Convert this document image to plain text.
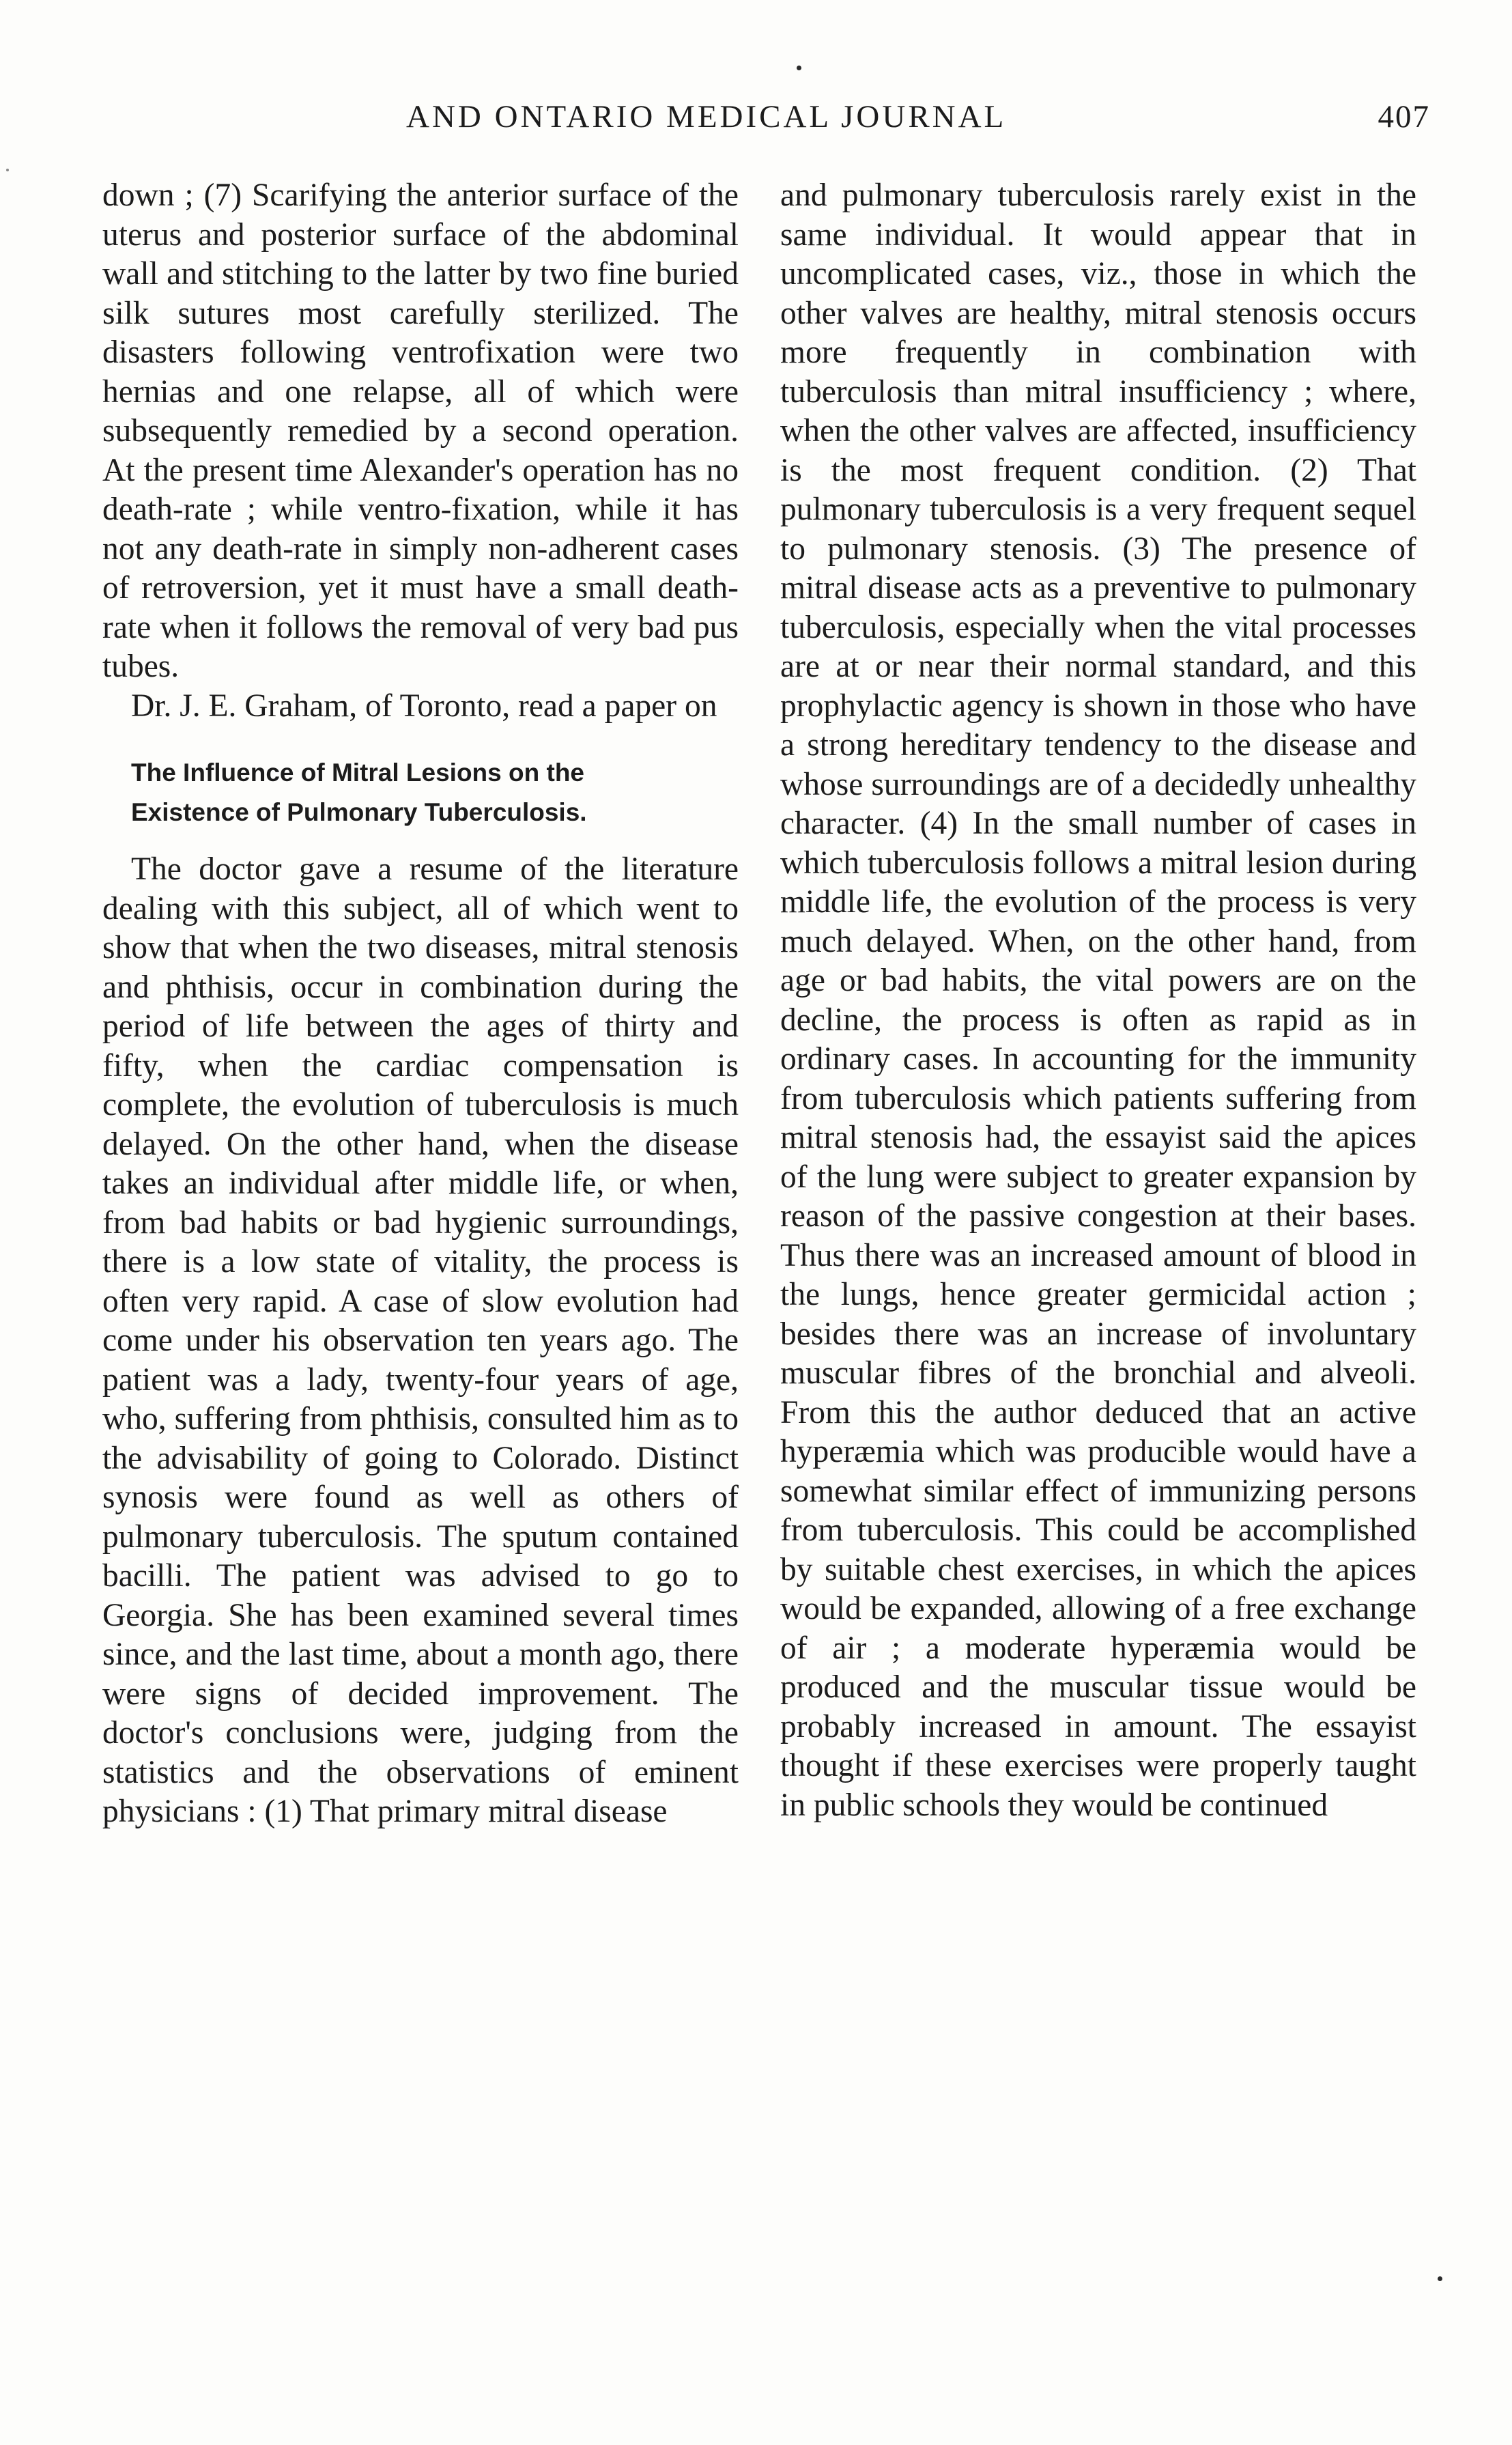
AND ONTARIO MEDICAL JOURNAL	407

down ; (7) Scarifying the anterior surface of the uterus and posterior surface of the abdominal wall and stitching to the latter by two fine buried silk sutures most carefully sterilized. The disasters following ventrofixation were two hernias and one relapse, all of which were subsequently remedied by a second operation. At the present time Alexander's operation has no death-rate ; while ventro-fixation, while it has not any death-rate in simply non-adherent cases of retroversion, yet it must have a small death-rate when it follows the removal of very bad pus tubes.

Dr. J. E. Graham, of Toronto, read a paper on

The Influence of Mitral Lesions on the
Existence of Pulmonary Tuberculosis.

The doctor gave a resume of the literature dealing with this subject, all of which went to show that when the two diseases, mitral stenosis and phthisis, occur in combination during the period of life between the ages of thirty and fifty, when the cardiac compensation is complete, the evolution of tuberculosis is much delayed. On the other hand, when the disease takes an individual after middle life, or when, from bad habits or bad hygienic surroundings, there is a low state of vitality, the process is often very rapid. A case of slow evolution had come under his observation ten years ago. The patient was a lady, twenty-four years of age, who, suffering from phthisis, consulted him as to the advisability of going to Colorado. Distinct synosis were found as well as others of pulmonary tuberculosis. The sputum contained bacilli. The patient was advised to go to Georgia. She has been examined several times since, and the last time, about a month ago, there were signs of decided improvement. The doctor's conclusions were, judging from the statistics and the observations of eminent physicians : (1) That primary mitral disease

and pulmonary tuberculosis rarely exist in the same individual. It would appear that in uncomplicated cases, viz., those in which the other valves are healthy, mitral stenosis occurs more frequently in combination with tuberculosis than mitral insufficiency ; where, when the other valves are affected, insufficiency is the most frequent condition. (2) That pulmonary tuberculosis is a very frequent sequel to pulmonary stenosis. (3) The presence of mitral disease acts as a preventive to pulmonary tuberculosis, especially when the vital processes are at or near their normal standard, and this prophylactic agency is shown in those who have a strong hereditary tendency to the disease and whose surroundings are of a decidedly unhealthy character. (4) In the small number of cases in which tuberculosis follows a mitral lesion during middle life, the evolution of the process is very much delayed. When, on the other hand, from age or bad habits, the vital powers are on the decline, the process is often as rapid as in ordinary cases. In accounting for the immunity from tuberculosis which patients suffering from mitral stenosis had, the essayist said the apices of the lung were subject to greater expansion by reason of the passive congestion at their bases. Thus there was an increased amount of blood in the lungs, hence greater germicidal action ; besides there was an increase of involuntary muscular fibres of the bronchial and alveoli. From this the author deduced that an active hyperæmia which was producible would have a somewhat similar effect of immunizing persons from tuberculosis. This could be accomplished by suitable chest exercises, in which the apices would be expanded, allowing of a free exchange of air ; a moderate hyperæmia would be produced and the muscular tissue would be probably increased in amount. The essayist thought if these exercises were properly taught in public schools they would be continued
